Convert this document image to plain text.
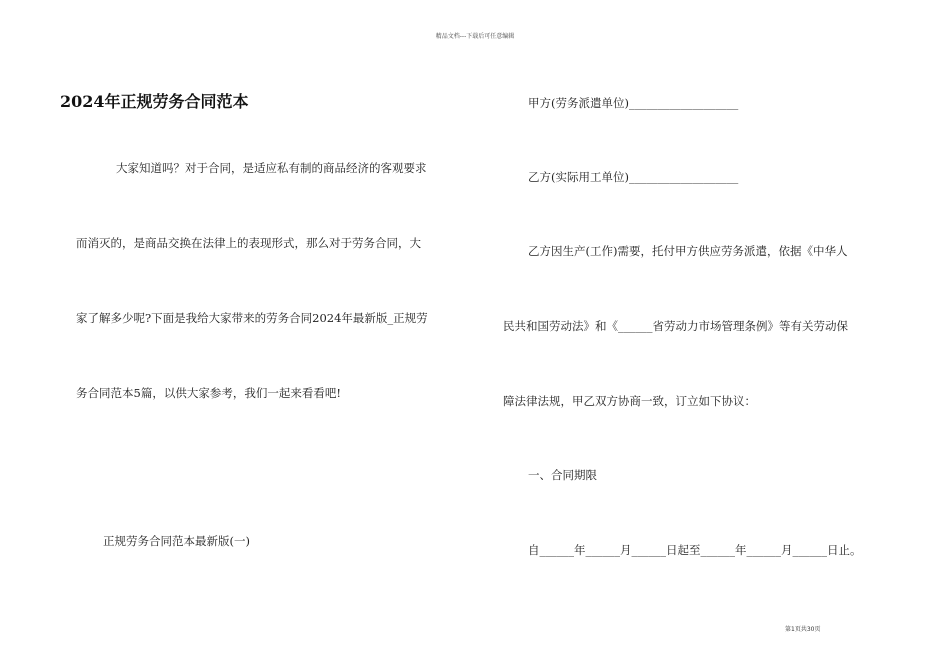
精品文档---下载后可任意编辑
2024年正规劳务合同范本

大家知道吗？对于合同，是适应私有制的商品经济的客观要求

而消灭的，是商品交换在法律上的表现形式，那么对于劳务合同，大

家了解多少呢?下面是我给大家带来的劳务合同2024年最新版_正规劳

务合同范本5篇，以供大家参考，我们一起来看看吧!

正规劳务合同范本最新版(一)

甲方(劳务派遣单位)___________________

乙方(实际用工单位)___________________

乙方因生产(工作)需要，托付甲方供应劳务派遣，依据《中华人

民共和国劳动法》和《______省劳动力市场管理条例》等有关劳动保

障法律法规，甲乙双方协商一致，订立如下协议：

一、合同期限

自______年______月______日起至______年______月______日止。

第1页共30页
